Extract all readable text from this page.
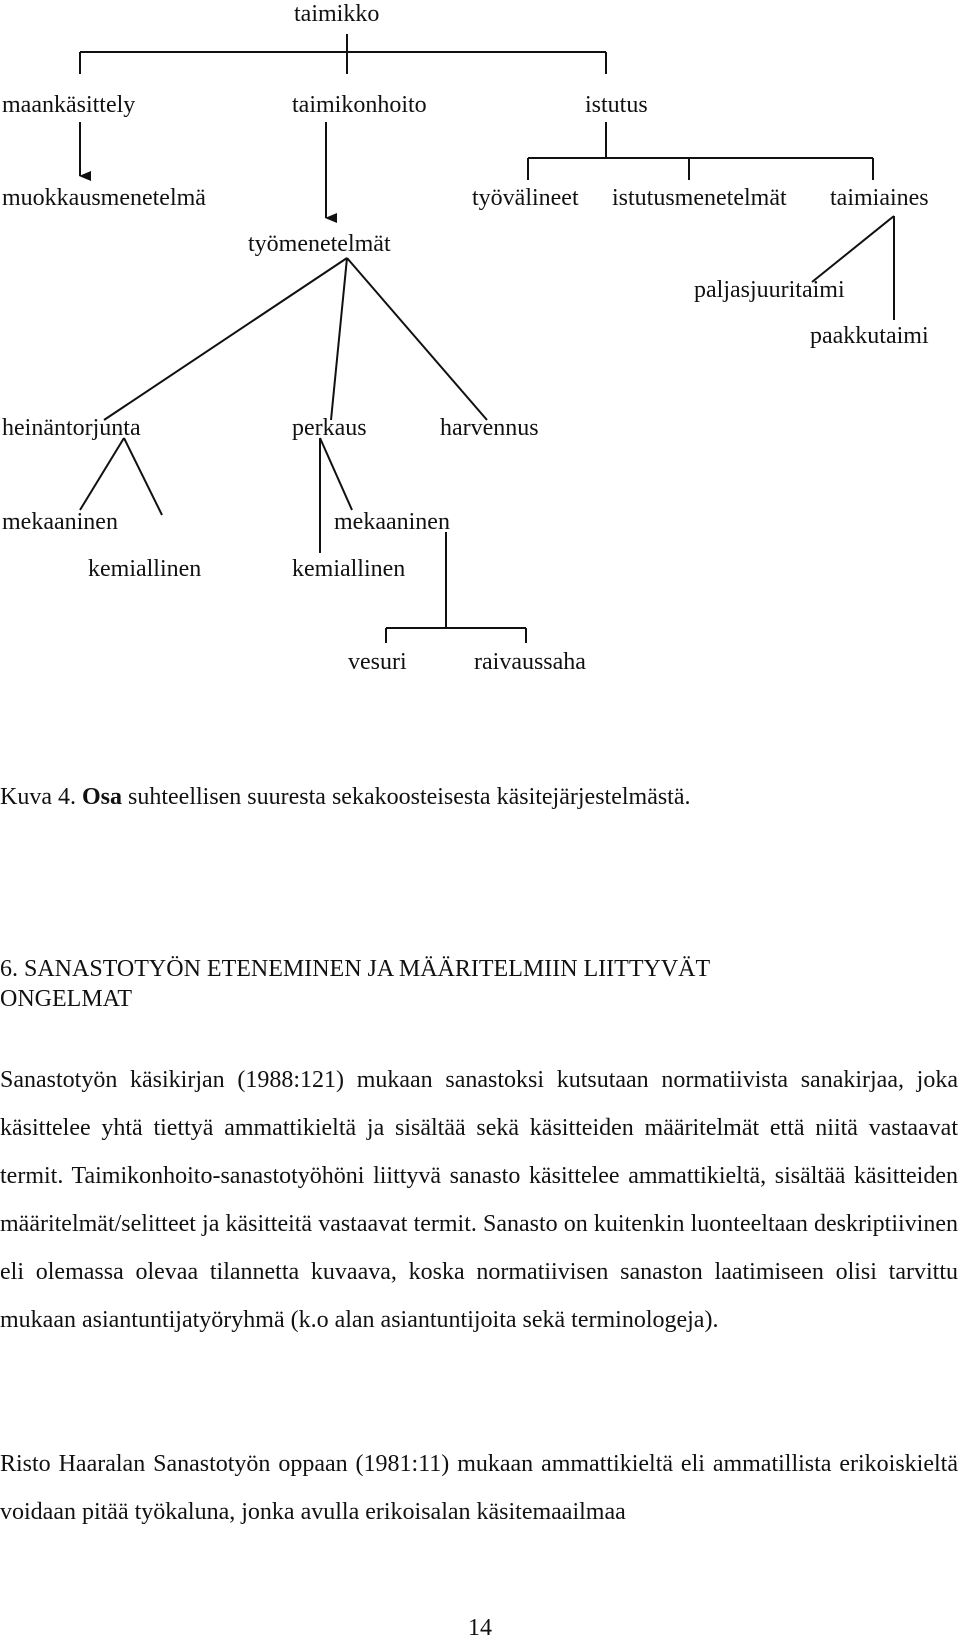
taimikko
maankäsittely	taimikonhoito	istutus
muokkausmenetelmä	työvälineet istutusmenetelmät taimiaines
työmenetelmät
paljasjuuritaimi
paakkutaimi
heinäntorjunta	perkaus	harvennus
mekaaninen	mekaaninen
kemiallinen	kemiallinen
vesuri	raivaussaha
Kuva 4. Osa suhteellisen suuresta sekakoosteisesta käsitejärjestelmästä.
6. SANASTOTYÖN ETENEMINEN JA MÄÄRITELMIIN LIITTYVÄT ONGELMAT
Sanastotyön käsikirjan (1988:121) mukaan sanastoksi kutsutaan normatiivista sanakirjaa, joka käsittelee yhtä tiettyä ammattikieltä ja sisältää sekä käsitteiden määritelmät että niitä vastaavat termit. Taimikonhoito-sanastotyöhöni liittyvä sanasto käsittelee ammattikieltä, sisältää käsitteiden määritelmät/selitteet ja käsitteitä vastaavat termit. Sanasto on kuitenkin luonteeltaan deskriptiivinen eli olemassa olevaa tilannetta kuvaava, koska normatiivisen sanaston laatimiseen olisi tarvittu mukaan asiantuntijatyöryhmä (k.o alan asiantuntijoita sekä terminologeja).
Risto Haaralan Sanastotyön oppaan (1981:11) mukaan ammattikieltä eli ammatillista erikoiskieltä voidaan pitää työkaluna, jonka avulla erikoisalan käsitemaailmaa
14
